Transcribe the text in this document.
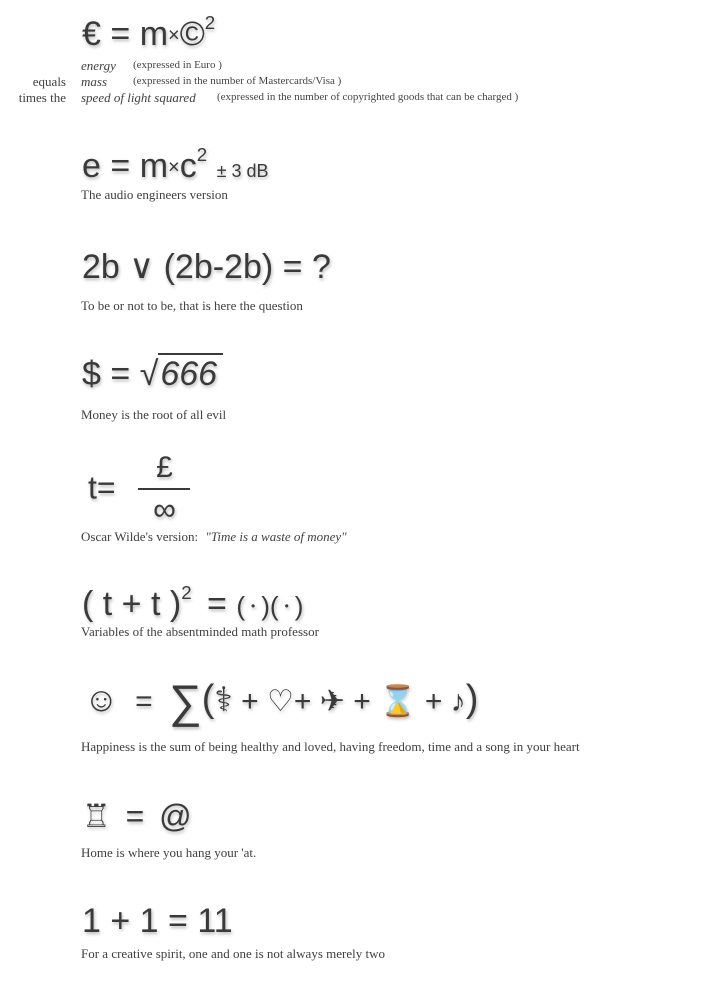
€ = m×©$^2$
energy (expressed in Euro )
equals mass (expressed in the number of Mastercards/Visa )
times the speed of light squared (expressed in the number of copyrighted goods that can be charged )
$e = m\times c^2 \pm 3$ dB
The audio engineers version
2b ∨ (2b-2b) = ?
To be or not to be, that is here the question
$ = √666
Money is the root of all evil
$t= \frac{£}{\infty}$
Oscar Wilde's version: "Time is a waste of money"
( t + t )$^2$ = ( • )( • )
Variables of the absentminded math professor
☺ = ∑(⚕ + ♡+ ✈ + ⌛ + ♪)
Happiness is the sum of being healthy and loved, having freedom, time and a song in your heart
♖ = @
Home is where you hang your 'at.
1 + 1 = 11
For a creative spirit, one and one is not always merely two
